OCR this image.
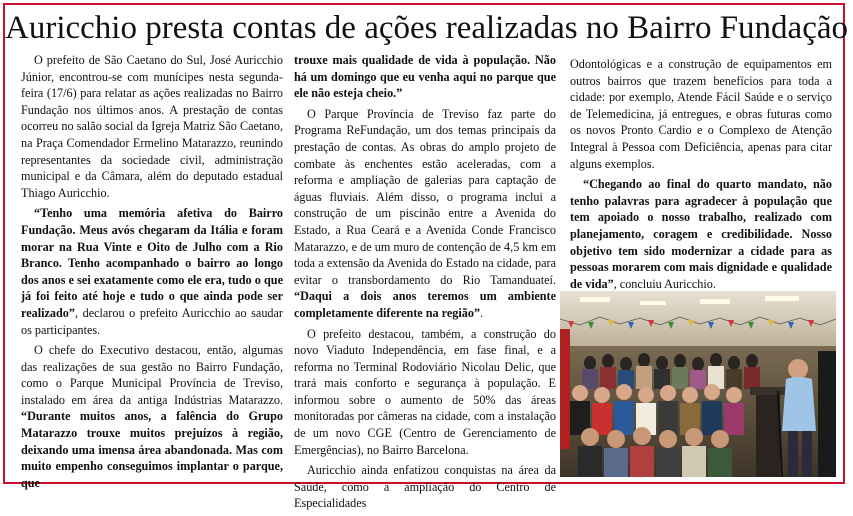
Auricchio presta contas de ações realizadas no Bairro Fundação

O prefeito de São Caetano do Sul, José Auricchio Júnior, encontrou-se com munícipes nesta segunda-feira (17/6) para relatar as ações realizadas no Bairro Fundação nos últimos anos. A prestação de contas ocorreu no salão social da Igreja Matriz São Caetano, na Praça Comendador Ermelino Matarazzo, reunindo representantes da sociedade civil, administração municipal e da Câmara, além do deputado estadual Thiago Auricchio.

“Tenho uma memória afetiva do Bairro Fundação. Meus avós chegaram da Itália e foram morar na Rua Vinte e Oito de Julho com a Rio Branco. Tenho acompanhado o bairro ao longo dos anos e sei exatamente como ele era, tudo o que já foi feito até hoje e tudo o que ainda pode ser realizado”, declarou o prefeito Auricchio ao saudar os participantes.

O chefe do Executivo destacou, então, algumas das realizações de sua gestão no Bairro Fundação, como o Parque Municipal Província de Treviso, instalado em área da antiga Indústrias Matarazzo. “Durante muitos anos, a falência do Grupo Matarazzo trouxe muitos prejuízos à região, deixando uma imensa área abandonada. Mas com muito empenho conseguimos implantar o parque, que

trouxe mais qualidade de vida à população. Não há um domingo que eu venha aqui no parque que ele não esteja cheio.”

O Parque Província de Treviso faz parte do Programa ReFundação, um dos temas principais da prestação de contas. As obras do amplo projeto de combate às enchentes estão aceleradas, com a reforma e ampliação de galerias para captação de águas fluviais. Além disso, o programa inclui a construção de um piscinão entre a Avenida do Estado, a Rua Ceará e a Avenida Conde Francisco Matarazzo, e de um muro de contenção de 4,5 km em toda a extensão da Avenida do Estado na cidade, para evitar o transbordamento do Rio Tamanduateí. “Daqui a dois anos teremos um ambiente completamente diferente na região”.

O prefeito destacou, também, a construção do novo Viaduto Independência, em fase final, e a reforma no Terminal Rodoviário Nicolau Delic, que trará mais conforto e segurança à população. E informou sobre o aumento de 50% das áreas monitoradas por câmeras na cidade, com a instalação de um novo CGE (Centro de Gerenciamento de Emergências), no Bairro Barcelona.

Auricchio ainda enfatizou conquistas na área da Saúde, como a ampliação do Centro de Especialidades

Odontológicas e a construção de equipamentos em outros bairros que trazem benefícios para toda a cidade: por exemplo, Atende Fácil Saúde e o serviço de Telemedicina, já entregues, e obras futuras como os novos Pronto Cardio e o Complexo de Atenção Integral à Pessoa com Deficiência, apenas para citar alguns exemplos.

“Chegando ao final do quarto mandato, não tenho palavras para agradecer à população que tem apoiado o nosso trabalho, realizado com planejamento, coragem e credibilidade. Nosso objetivo tem sido modernizar a cidade para as pessoas morarem com mais dignidade e qualidade de vida”, concluiu Auricchio.
